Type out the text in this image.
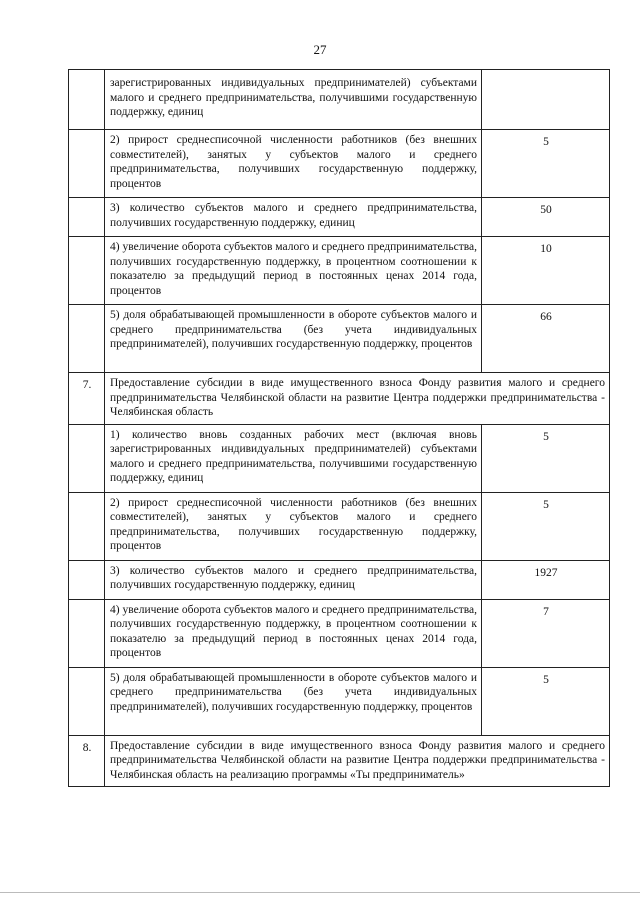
27
	зарегистрированных индивидуальных предпринимателей) субъектами малого и среднего предпринимательства, получившими государственную поддержку, единиц	
	2) прирост среднесписочной численности работников (без внешних совместителей), занятых у субъектов малого и среднего предпринимательства, получивших государственную поддержку, процентов	5
	3) количество субъектов малого и среднего предпринимательства, получивших государственную поддержку, единиц	50
	4) увеличение оборота субъектов малого и среднего предпринимательства, получивших государственную поддержку, в процентном соотношении к показателю за предыдущий период в постоянных ценах 2014 года, процентов	10
	5) доля обрабатывающей промышленности в обороте субъектов малого и среднего предпринимательства (без учета индивидуальных предпринимателей), получивших государственную поддержку, процентов	66
7.	Предоставление субсидии в виде имущественного взноса Фонду развития малого и среднего предпринимательства Челябинской области на развитие Центра поддержки предпринимательства - Челябинская область	
	1) количество вновь созданных рабочих мест (включая вновь зарегистрированных индивидуальных предпринимателей) субъектами малого и среднего предпринимательства, получившими государственную поддержку, единиц	5
	2) прирост среднесписочной численности работников (без внешних совместителей), занятых у субъектов малого и среднего предпринимательства, получивших государственную поддержку, процентов	5
	3) количество субъектов малого и среднего предпринимательства, получивших государственную поддержку, единиц	1927
	4) увеличение оборота субъектов малого и среднего предпринимательства, получивших государственную поддержку, в процентном соотношении к показателю за предыдущий период в постоянных ценах 2014 года, процентов	7
	5) доля обрабатывающей промышленности в обороте субъектов малого и среднего предпринимательства (без учета индивидуальных предпринимателей), получивших государственную поддержку, процентов	5
8.	Предоставление субсидии в виде имущественного взноса Фонду развития малого и среднего предпринимательства Челябинской области на развитие Центра поддержки предпринимательства - Челябинская область на реализацию программы «Ты предприниматель»	
